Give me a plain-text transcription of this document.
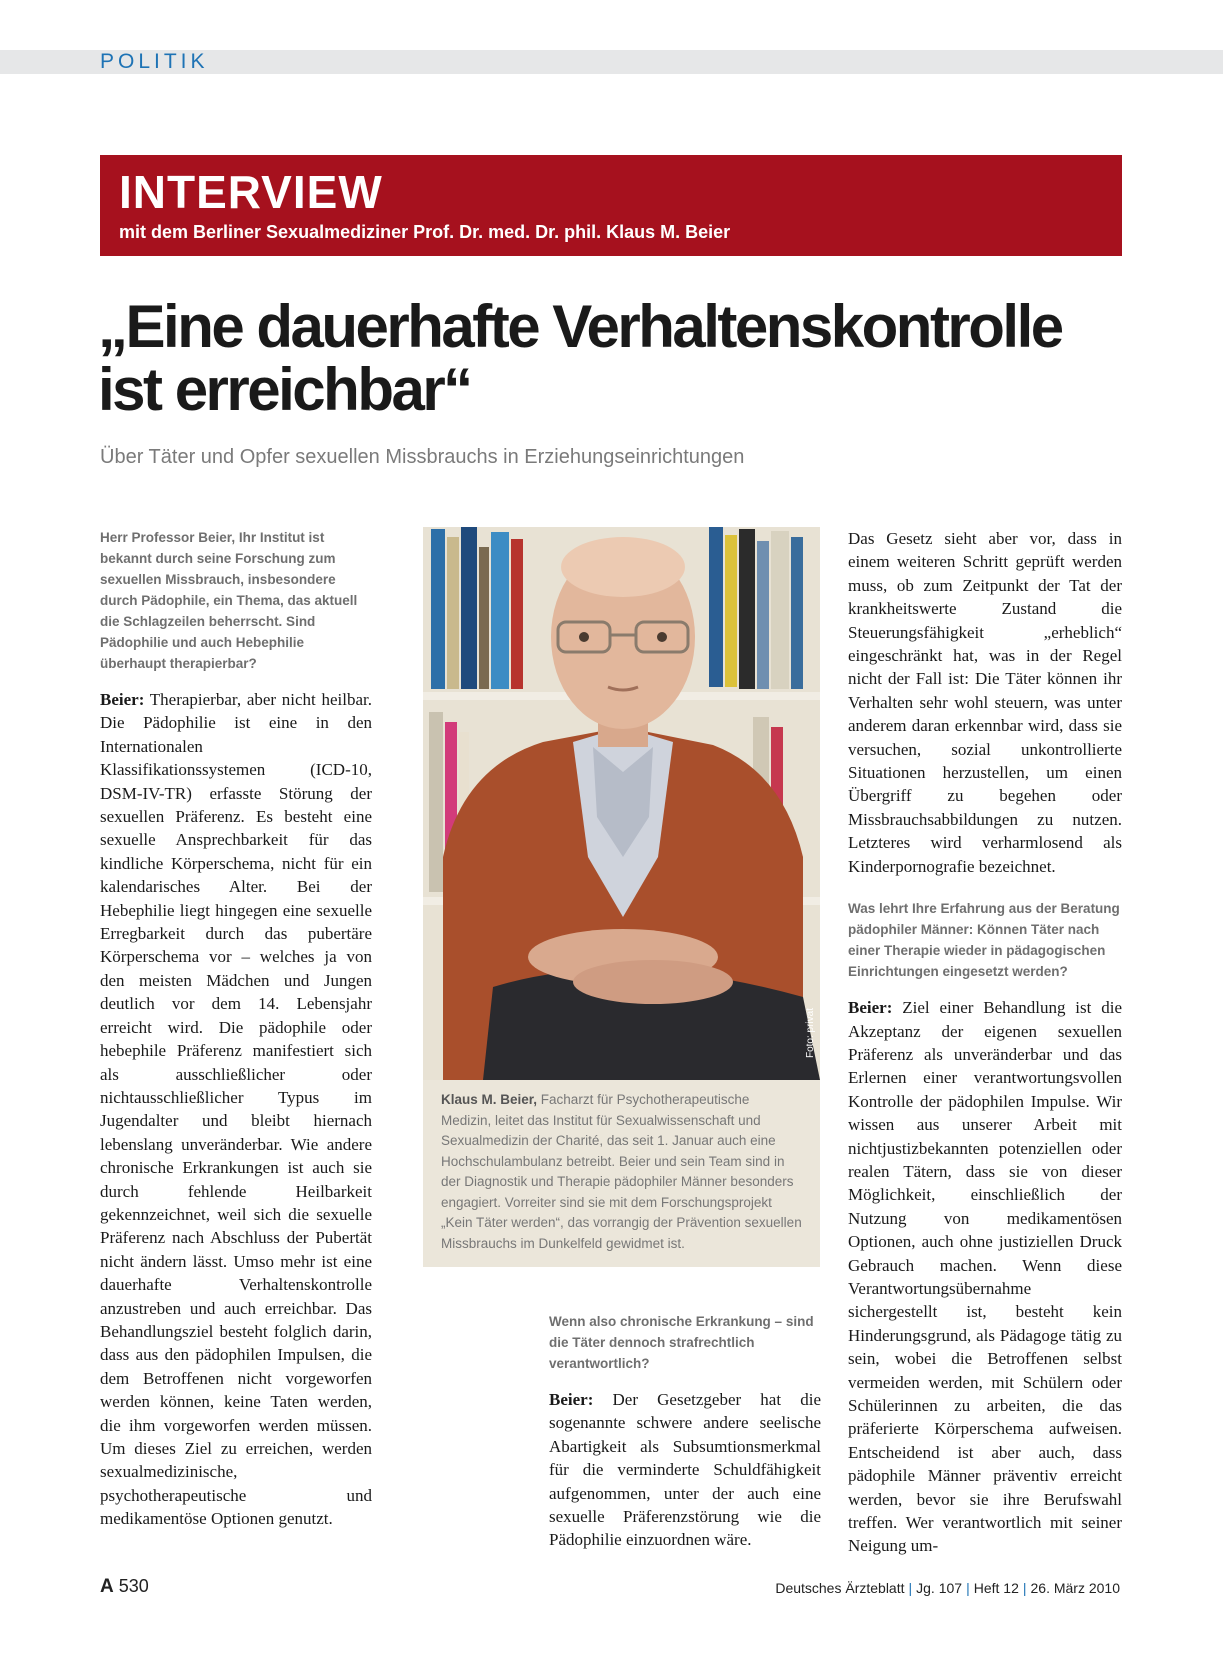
POLITIK
INTERVIEW
mit dem Berliner Sexualmediziner Prof. Dr. med. Dr. phil. Klaus M. Beier
„Eine dauerhafte Verhaltenskontrolle
ist erreichbar“
Über Täter und Opfer sexuellen Missbrauchs in Erziehungseinrichtungen

Herr Professor Beier, Ihr Institut ist bekannt durch seine Forschung zum sexuellen Missbrauch, insbesondere durch Pädophile, ein Thema, das aktuell die Schlagzeilen beherrscht. Sind Pädophilie und auch Hebephilie überhaupt therapierbar?

Beier: Therapierbar, aber nicht heilbar. Die Pädophilie ist eine in den Internationalen Klassifikationssystemen (ICD-10, DSM-IV-TR) erfasste Störung der sexuellen Präferenz. Es besteht eine sexuelle Ansprechbarkeit für das kindliche Körperschema, nicht für ein kalendarisches Alter. Bei der Hebephilie liegt hingegen eine sexuelle Erregbarkeit durch das pubertäre Körperschema vor – welches ja von den meisten Mädchen und Jungen deutlich vor dem 14. Lebensjahr erreicht wird. Die pädophile oder hebephile Präferenz manifestiert sich als ausschließlicher oder nichtausschließlicher Typus im Jugendalter und bleibt hiernach lebenslang unveränderbar. Wie andere chronische Erkrankungen ist auch sie durch fehlende Heilbarkeit gekennzeichnet, weil sich die sexuelle Präferenz nach Abschluss der Pubertät nicht ändern lässt. Umso mehr ist eine dauerhafte Verhaltenskontrolle anzustreben und auch erreichbar. Das Behandlungsziel besteht folglich darin, dass aus den pädophilen Impulsen, die dem Betroffenen nicht vorgeworfen werden können, keine Taten werden, die ihm vorgeworfen werden müssen. Um dieses Ziel zu erreichen, werden sexualmedizinische, psychotherapeutische und medikamentöse Optionen genutzt.

Foto: privat
Klaus M. Beier, Facharzt für Psychotherapeutische Medizin, leitet das Institut für Sexualwissenschaft und Sexualmedizin der Charité, das seit 1. Januar auch eine Hochschulambulanz betreibt. Beier und sein Team sind in der Diagnostik und Therapie pädophiler Männer besonders engagiert. Vorreiter sind sie mit dem Forschungsprojekt „Kein Täter werden“, das vorrangig der Prävention sexuellen Missbrauchs im Dunkelfeld gewidmet ist.

Wenn also chronische Erkrankung – sind die Täter dennoch strafrechtlich verantwortlich?

Beier: Der Gesetzgeber hat die sogenannte schwere andere seelische Abartigkeit als Subsumtionsmerkmal für die verminderte Schuldfähigkeit aufgenommen, unter der auch eine sexuelle Präferenzstörung wie die Pädophilie einzuordnen wäre.

Das Gesetz sieht aber vor, dass in einem weiteren Schritt geprüft werden muss, ob zum Zeitpunkt der Tat der krankheitswerte Zustand die Steuerungsfähigkeit „erheblich“ eingeschränkt hat, was in der Regel nicht der Fall ist: Die Täter können ihr Verhalten sehr wohl steuern, was unter anderem daran erkennbar wird, dass sie versuchen, sozial unkontrollierte Situationen herzustellen, um einen Übergriff zu begehen oder Missbrauchsabbildungen zu nutzen. Letzteres wird verharmlosend als Kinderpornografie bezeichnet.

Was lehrt Ihre Erfahrung aus der Beratung pädophiler Männer: Können Täter nach einer Therapie wieder in pädagogischen Einrichtungen eingesetzt werden?

Beier: Ziel einer Behandlung ist die Akzeptanz der eigenen sexuellen Präferenz als unveränderbar und das Erlernen einer verantwortungsvollen Kontrolle der pädophilen Impulse. Wir wissen aus unserer Arbeit mit nichtjustizbekannten potenziellen oder realen Tätern, dass sie von dieser Möglichkeit, einschließlich der Nutzung von medikamentösen Optionen, auch ohne justiziellen Druck Gebrauch machen. Wenn diese Verantwortungsübernahme sichergestellt ist, besteht kein Hinderungsgrund, als Pädagoge tätig zu sein, wobei die Betroffenen selbst vermeiden werden, mit Schülern oder Schülerinnen zu arbeiten, die das präferierte Körperschema aufweisen. Entscheidend ist aber auch, dass pädophile Männer präventiv erreicht werden, bevor sie ihre Berufswahl treffen. Wer verantwortlich mit seiner Neigung um-

A 530	Deutsches Ärzteblatt | Jg. 107 | Heft 12 | 26. März 2010
